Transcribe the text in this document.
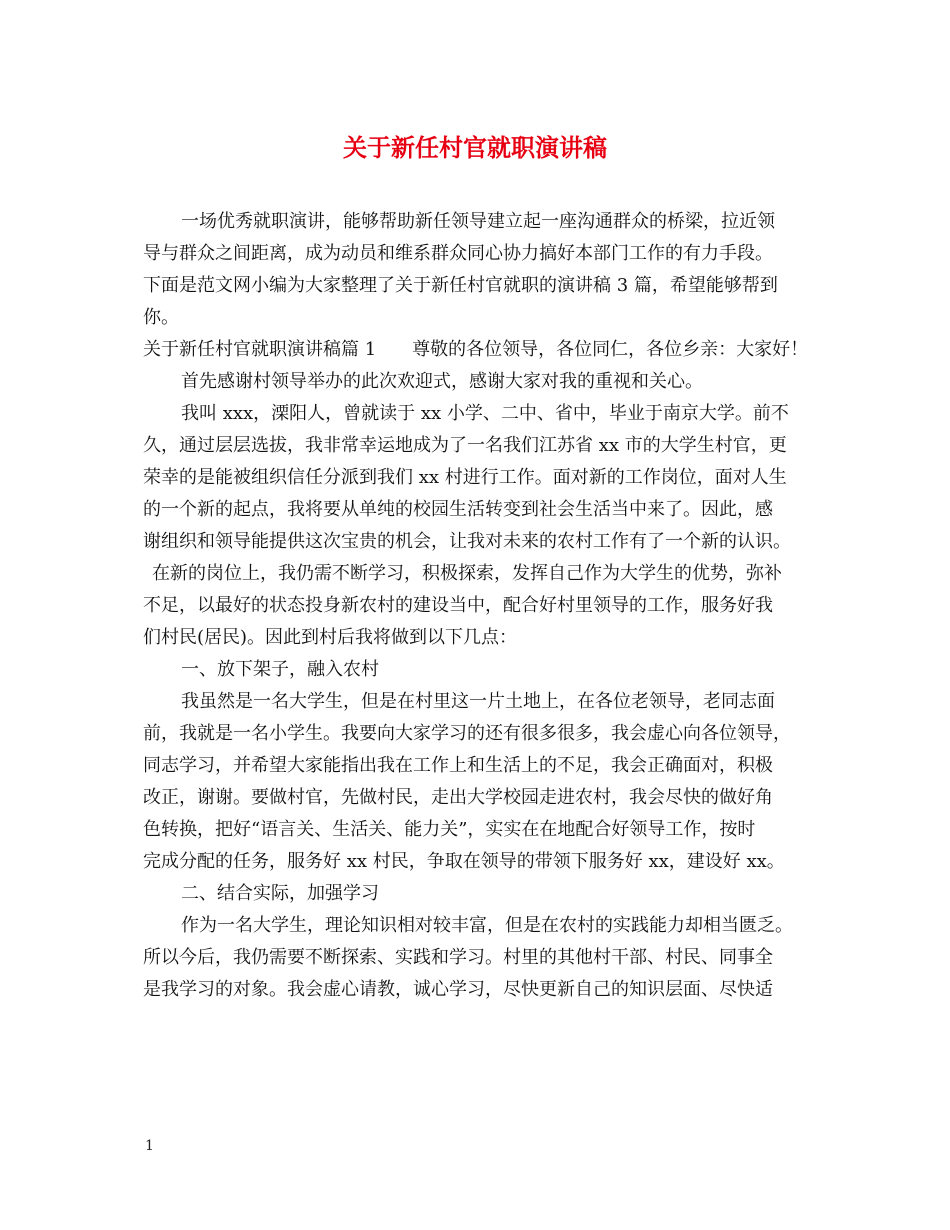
关于新任村官就职演讲稿
一场优秀就职演讲，能够帮助新任领导建立起一座沟通群众的桥梁，拉近领
导与群众之间距离，成为动员和维系群众同心协力搞好本部门工作的有力手段。
下面是范文网小编为大家整理了关于新任村官就职的演讲稿 3 篇，希望能够帮到
你。
关于新任村官就职演讲稿篇 1　　尊敬的各位领导，各位同仁，各位乡亲：大家好！
首先感谢村领导举办的此次欢迎式，感谢大家对我的重视和关心。
我叫 xxx，溧阳人，曾就读于 xx 小学、二中、省中，毕业于南京大学。前不
久，通过层层选拔，我非常幸运地成为了一名我们江苏省 xx 市的大学生村官，更
荣幸的是能被组织信任分派到我们 xx 村进行工作。面对新的工作岗位，面对人生
的一个新的起点，我将要从单纯的校园生活转变到社会生活当中来了。因此，感
谢组织和领导能提供这次宝贵的机会，让我对未来的农村工作有了一个新的认识。
在新的岗位上，我仍需不断学习，积极探索，发挥自己作为大学生的优势，弥补
不足，以最好的状态投身新农村的建设当中，配合好村里领导的工作，服务好我
们村民(居民)。因此到村后我将做到以下几点：
一、放下架子，融入农村
我虽然是一名大学生，但是在村里这一片土地上，在各位老领导，老同志面
前，我就是一名小学生。我要向大家学习的还有很多很多，我会虚心向各位领导，
同志学习，并希望大家能指出我在工作上和生活上的不足，我会正确面对，积极
改正，谢谢。要做村官，先做村民，走出大学校园走进农村，我会尽快的做好角
色转换，把好“语言关、生活关、能力关”，实实在在地配合好领导工作，按时
完成分配的任务，服务好 xx 村民，争取在领导的带领下服务好 xx，建设好 xx。
二、结合实际，加强学习
作为一名大学生，理论知识相对较丰富，但是在农村的实践能力却相当匮乏。
所以今后，我仍需要不断探索、实践和学习。村里的其他村干部、村民、同事全
是我学习的对象。我会虚心请教，诚心学习，尽快更新自己的知识层面、尽快适
1
